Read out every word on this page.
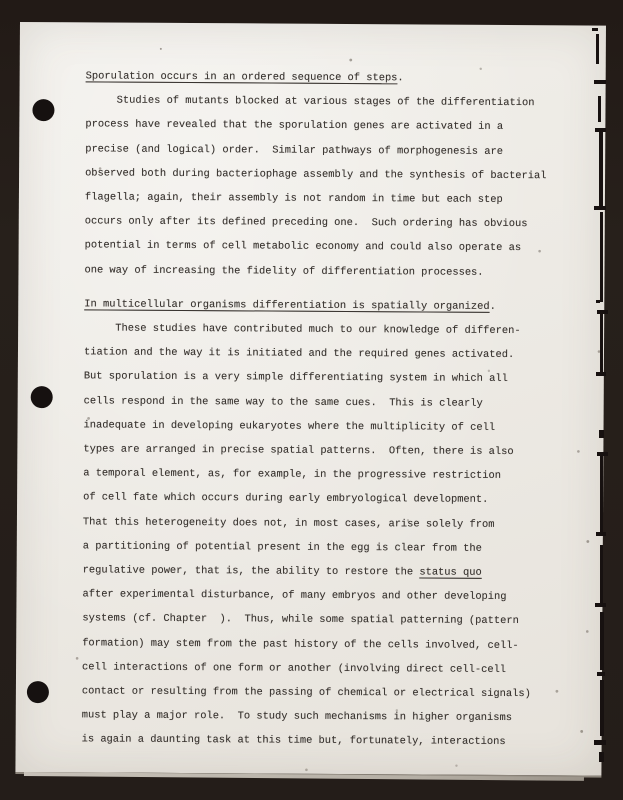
Sporulation occurs in an ordered sequence of steps.
Studies of mutants blocked at various stages of the differentiation
process have revealed that the sporulation genes are activated in a
precise (and logical) order.  Similar pathways of morphogenesis are
observed both during bacteriophage assembly and the synthesis of bacterial
flagella; again, their assembly is not random in time but each step
occurs only after its defined preceding one.  Such ordering has obvious
potential in terms of cell metabolic economy and could also operate as
one way of increasing the fidelity of differentiation processes.
In multicellular organisms differentiation is spatially organized.
These studies have contributed much to our knowledge of differen-
tiation and the way it is initiated and the required genes activated.
But sporulation is a very simple differentiating system in which all
cells respond in the same way to the same cues.  This is clearly
inadequate in developing eukaryotes where the multiplicity of cell
types are arranged in precise spatial patterns.  Often, there is also
a temporal element, as, for example, in the progressive restriction
of cell fate which occurs during early embryological development.
That this heterogeneity does not, in most cases, arise solely from
a partitioning of potential present in the egg is clear from the
regulative power, that is, the ability to restore the status quo
after experimental disturbance, of many embryos and other developing
systems (cf. Chapter  ).  Thus, while some spatial patterning (pattern
formation) may stem from the past history of the cells involved, cell-
cell interactions of one form or another (involving direct cell-cell
contact or resulting from the passing of chemical or electrical signals)
must play a major role.  To study such mechanisms in higher organisms
is again a daunting task at this time but, fortunately, interactions
